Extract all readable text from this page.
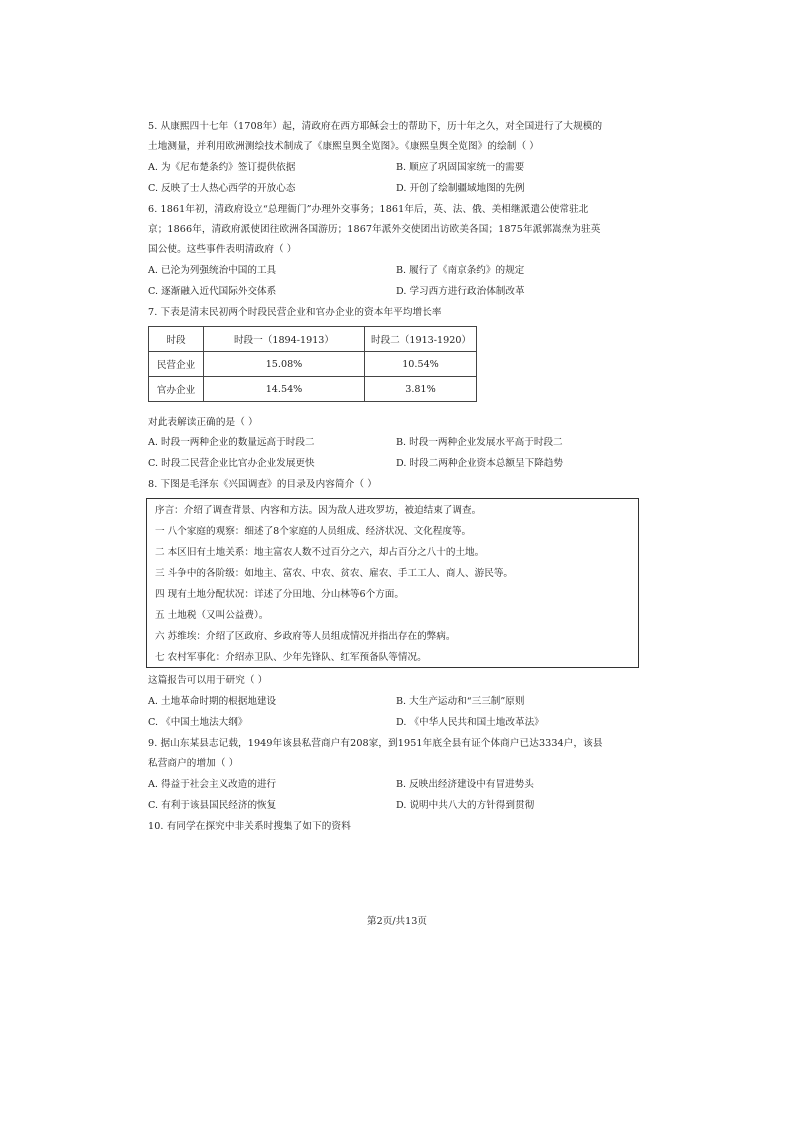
5. 从康熙四十七年（1708年）起，清政府在西方耶稣会士的帮助下，历十年之久，对全国进行了大规模的
土地测量，并利用欧洲测绘技术制成了《康熙皇舆全览图》。《康熙皇舆全览图》的绘制（ ）
A. 为《尼布楚条约》签订提供依据	B. 顺应了巩固国家统一的需要
C. 反映了士人热心西学的开放心态	D. 开创了绘制疆域地图的先例
6. 1861年初，清政府设立“总理衙门”办理外交事务；1861年后，英、法、俄、美相继派遣公使常驻北
京；1866年，清政府派使团往欧洲各国游历；1867年派外交使团出访欧美各国；1875年派郭嵩焘为驻英
国公使。这些事件表明清政府（ ）
A. 已沦为列强统治中国的工具	B. 履行了《南京条约》的规定
C. 逐渐融入近代国际外交体系	D. 学习西方进行政治体制改革
7. 下表是清末民初两个时段民营企业和官办企业的资本年平均增长率
时段	时段一（1894-1913）	时段二（1913-1920）
民营企业	15.08%	10.54%
官办企业	14.54%	3.81%
对此表解读正确的是（ ）
A. 时段一两种企业的数量远高于时段二	B. 时段一两种企业发展水平高于时段二
C. 时段二民营企业比官办企业发展更快	D. 时段二两种企业资本总额呈下降趋势
8. 下图是毛泽东《兴国调查》的目录及内容简介（ ）
序言：介绍了调查背景、内容和方法。因为敌人进攻罗坊，被迫结束了调查。
一 八个家庭的观察：细述了8个家庭的人员组成、经济状况、文化程度等。
二 本区旧有土地关系：地主富农人数不过百分之六，却占百分之八十的土地。
三 斗争中的各阶级：如地主、富农、中农、贫农、雇农、手工工人、商人、游民等。
四 现有土地分配状况：详述了分田地、分山林等6个方面。
五 土地税（又叫公益费）。
六 苏维埃：介绍了区政府、乡政府等人员组成情况并指出存在的弊病。
七 农村军事化：介绍赤卫队、少年先锋队、红军预备队等情况。
这篇报告可以用于研究（ ）
A. 土地革命时期的根据地建设	B. 大生产运动和“三三制”原则
C. 《中国土地法大纲》	D. 《中华人民共和国土地改革法》
9. 据山东某县志记载，1949年该县私营商户有208家，到1951年底全县有证个体商户已达3334户，该县
私营商户的增加（ ）
A. 得益于社会主义改造的进行	B. 反映出经济建设中有冒进势头
C. 有利于该县国民经济的恢复	D. 说明中共八大的方针得到贯彻
10. 有同学在探究中非关系时搜集了如下的资料
第2页/共13页
